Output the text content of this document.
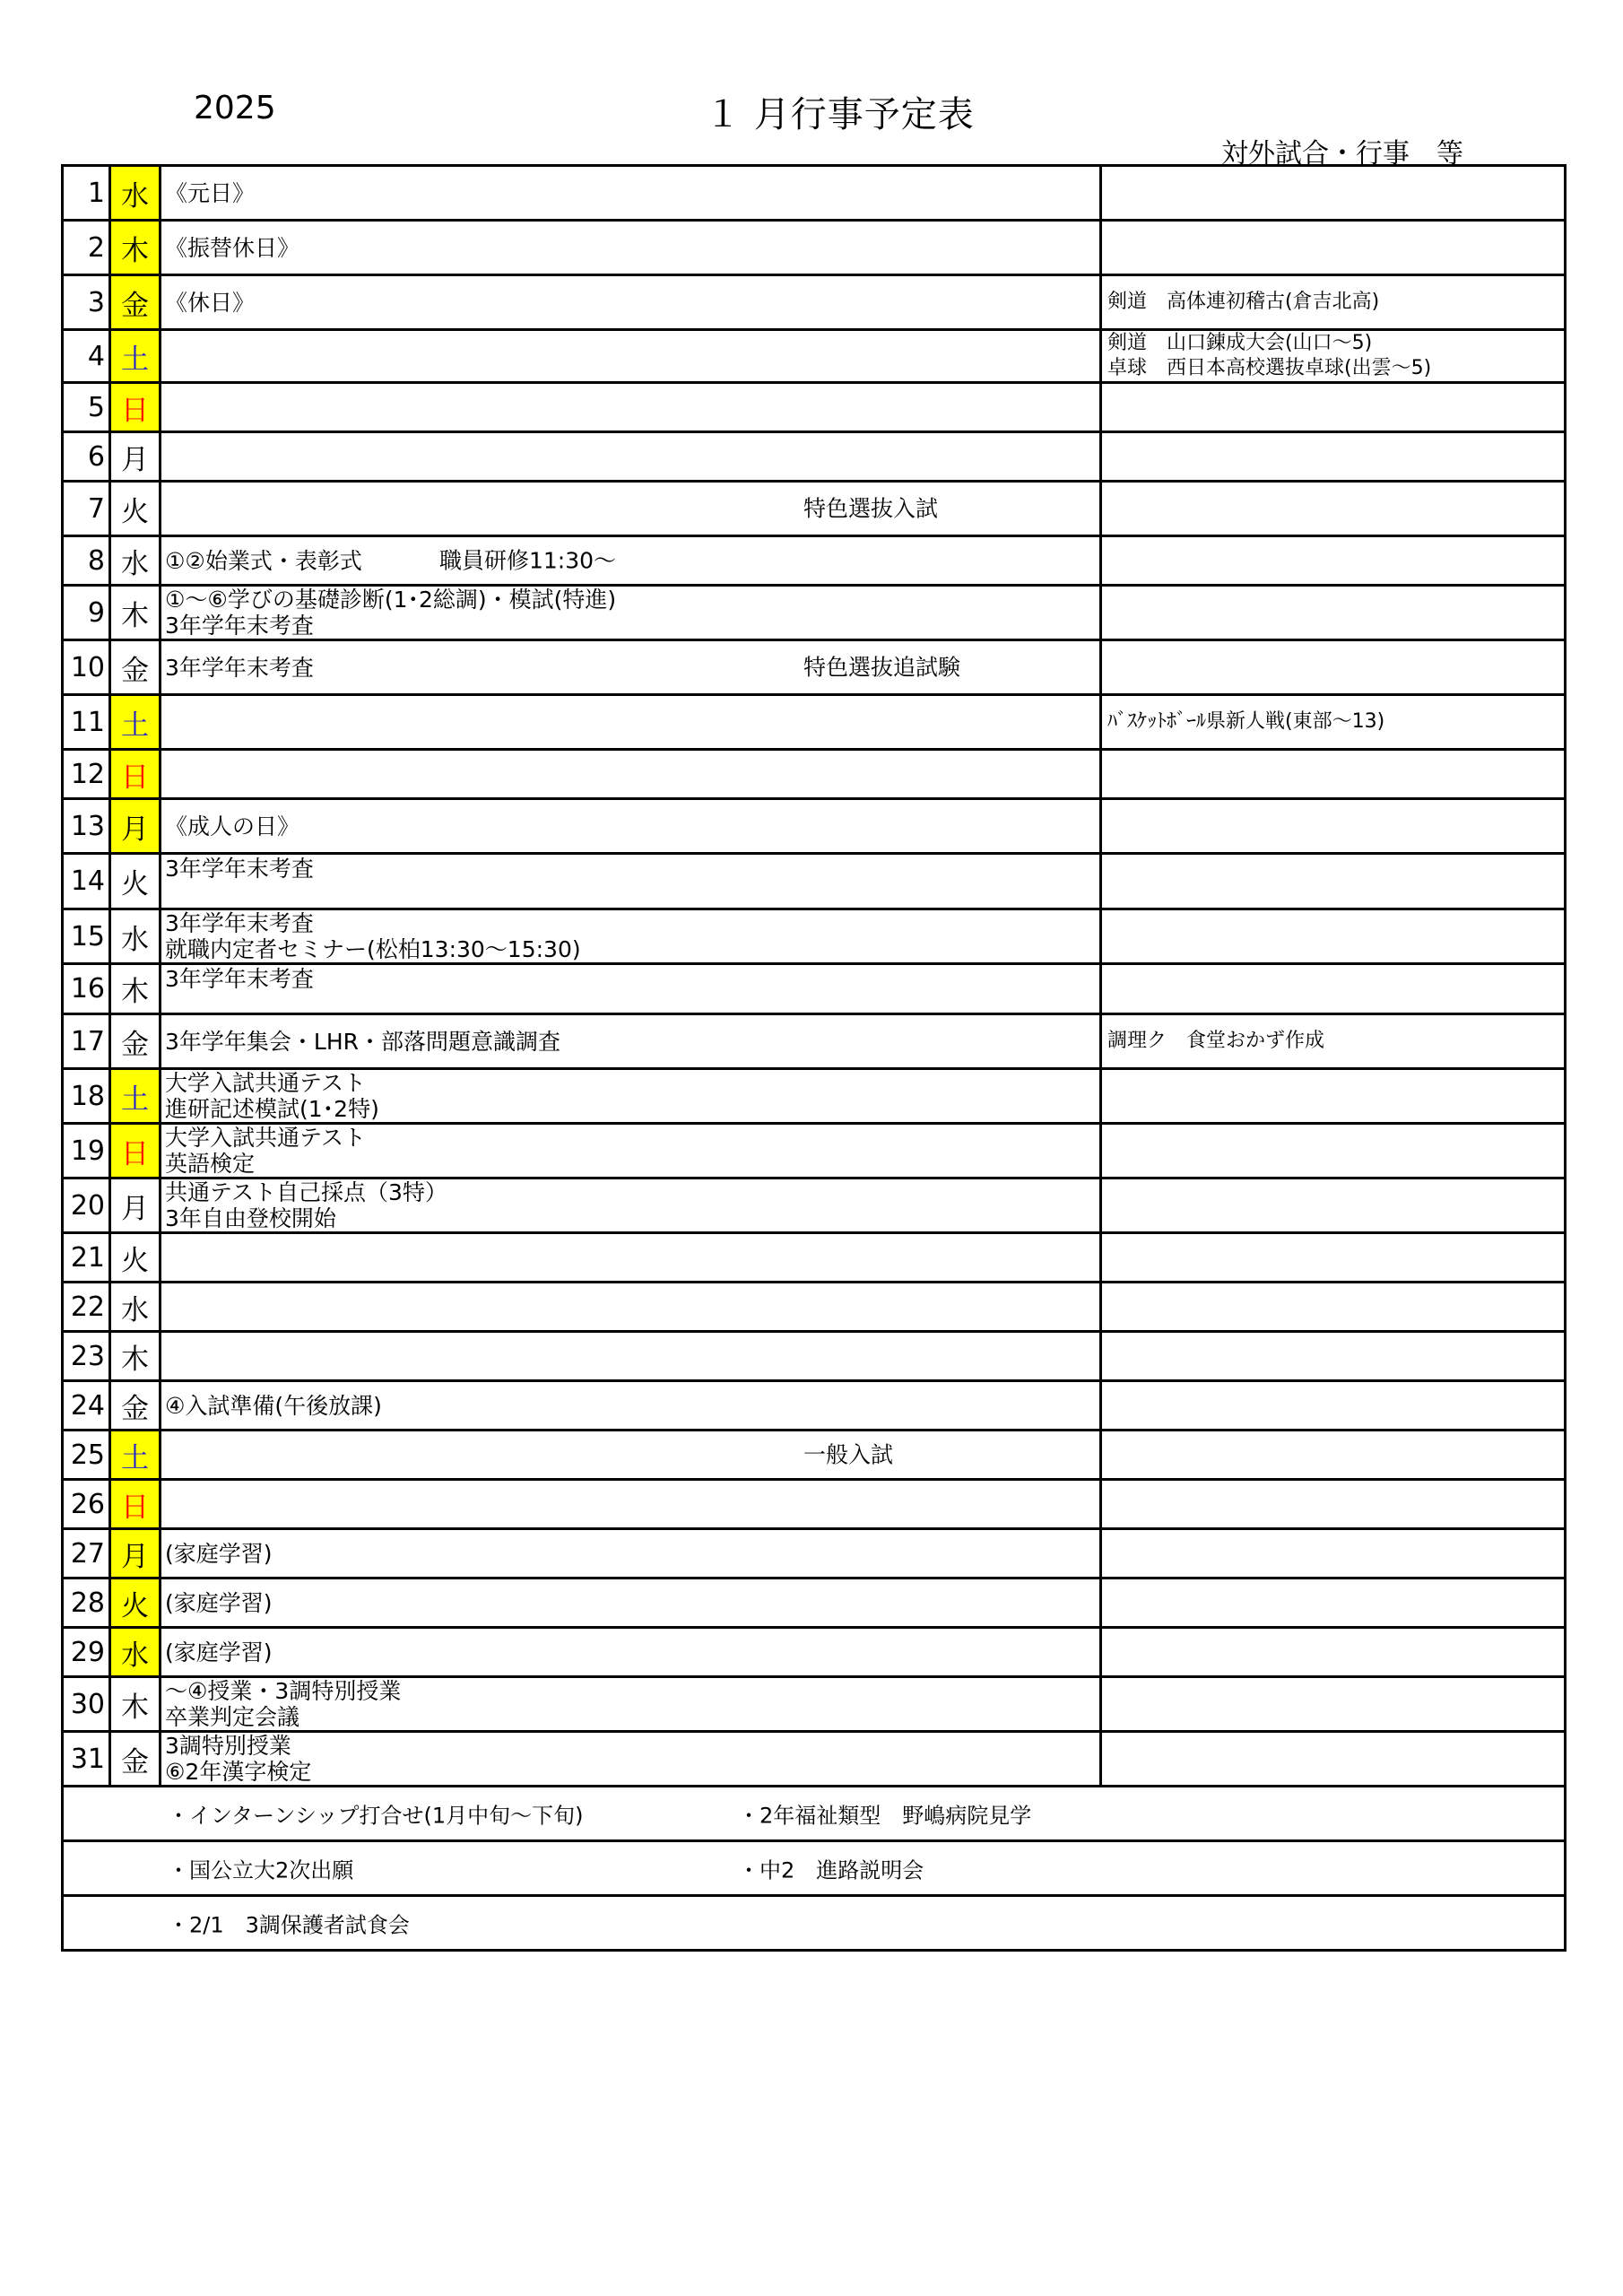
2025	１ 月行事予定表
対外試合・行事　等
1	水	《元日》	

2	木	《振替休日》	

3	金	《休日》	剣道　高体連初稽古(倉吉北高)

4	土		剣道　山口錬成大会(山口～5)
卓球　西日本高校選抜卓球(出雲～5)

5	日	

6	月	

7	火	特色選抜入試	

8	水	①②始業式・表彰式 職員研修11:30～	

9	木	①～⑥学びの基礎診断(1･2総調)・模試(特進)
3年学年末考査	

10	金	3年学年末考査 特色選抜追試験	

11	土		ﾊﾞｽｹｯﾄﾎﾞｰﾙ県新人戦(東部～13)

12	日	

13	月	《成人の日》	

14	火	3年学年末考査	

15	水	3年学年末考査
就職内定者セミナー(松柏13:30～15:30)	

16	木	3年学年末考査	

17	金	3年学年集会・LHR・部落問題意識調査	調理ク　食堂おかず作成

18	土	大学入試共通テスト
進研記述模試(1･2特)	

19	日	大学入試共通テスト
英語検定	

20	月	共通テスト自己採点（3特）
3年自由登校開始	

21	火	

22	水	

23	木	

24	金	④入試準備(午後放課)	

25	土	一般入試	

26	日	

27	月	(家庭学習)	

28	火	(家庭学習)	

29	水	(家庭学習)	

30	木	～④授業・3調特別授業
卒業判定会議	

31	金	3調特別授業
⑥2年漢字検定	

・インターンシップ打合せ(1月中旬～下旬) ・2年福祉類型　野嶋病院見学			

・国公立大2次出願 ・中2　進路説明会			

・2/1　3調保護者試食会			
